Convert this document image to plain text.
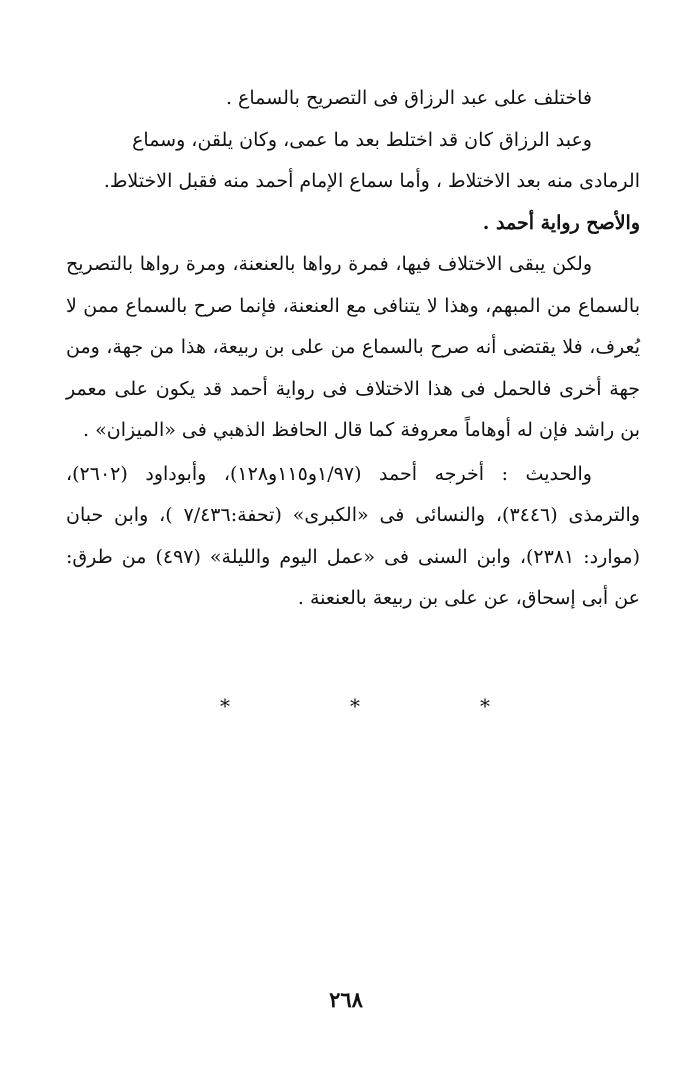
فاختلف على عبد الرزاق فى التصريح بالسماع .

وعبد الرزاق كان قد اختلط بعد ما عمى، وكان يلقن، وسماع

الرمادى منه بعد الاختلاط ، وأما سماع الإمام أحمد منه فقبل الاختلاط.

والأصح رواية أحمد .

ولكن يبقى الاختلاف فيها، فمرة رواها بالعنعنة، ومرة رواها بالتصريح بالسماع من المبهم، وهذا لا يتنافى مع العنعنة، فإنما صرح بالسماع ممن لا يُعرف، فلا يقتضى أنه صرح بالسماع من على بن ربيعة، هذا من جهة، ومن جهة أخرى فالحمل فى هذا الاختلاف فى رواية أحمد قد يكون على معمر بن راشد فإن له أوهاماً معروفة كما قال الحافظ الذهبي فى «الميزان» .

والحديث : أخرجه أحمد (١/٩٧و١١٥و١٢٨)، وأبوداود (٢٦٠٢)، والترمذى (٣٤٤٦)، والنسائى فى «الكبرى» (تحفة:٧/٤٣٦ )، وابن حبان (موارد: ٢٣٨١)، وابن السنى فى «عمل اليوم والليلة» (٤٩٧) من طرق: عن أبى إسحاق، عن على بن ربيعة بالعنعنة .

*
*
*
٢٦٨
